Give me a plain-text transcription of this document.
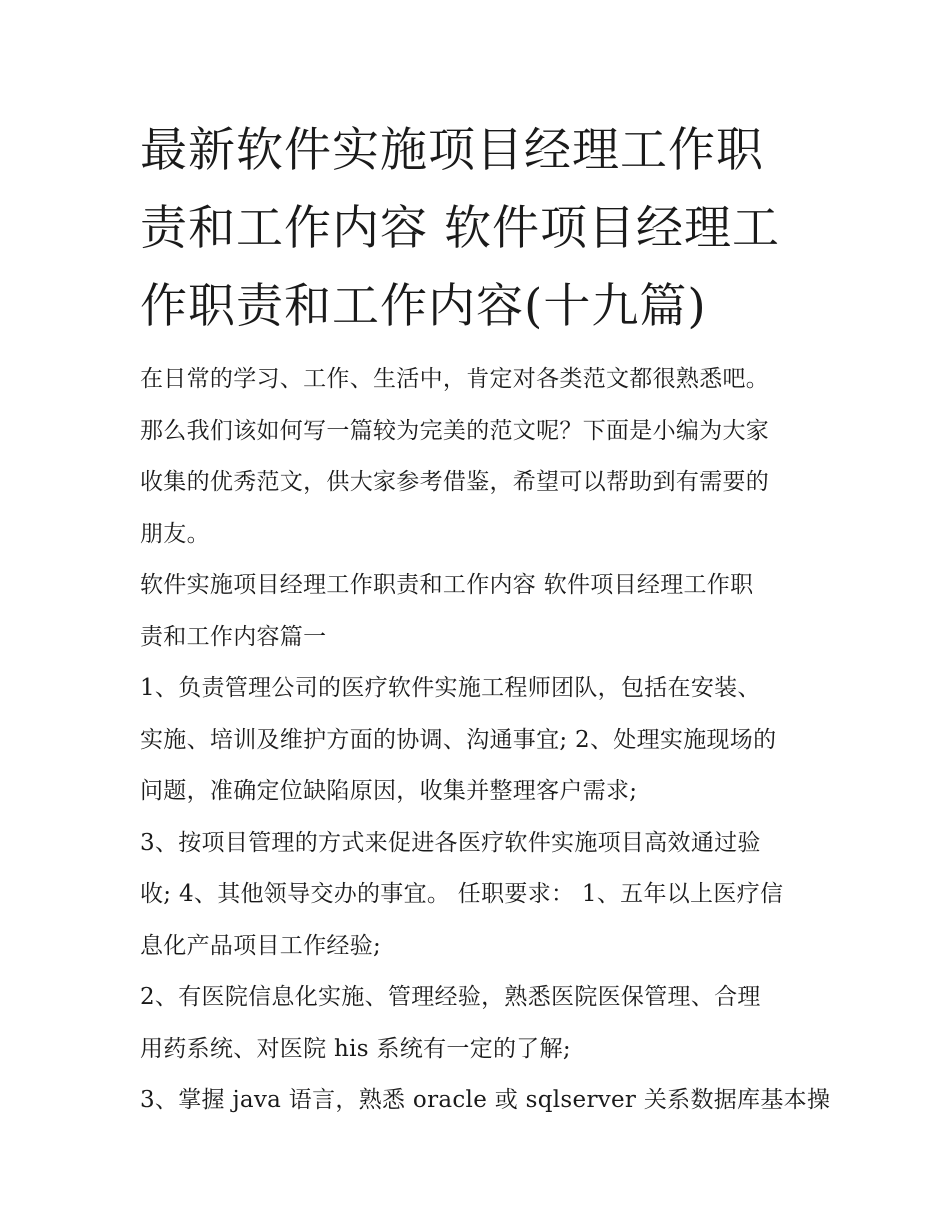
最新软件实施项目经理工作职
责和工作内容 软件项目经理工
作职责和工作内容(十九篇)

在日常的学习、工作、生活中，肯定对各类范文都很熟悉吧。
那么我们该如何写一篇较为完美的范文呢？下面是小编为大家
收集的优秀范文，供大家参考借鉴，希望可以帮助到有需要的
朋友。

软件实施项目经理工作职责和工作内容 软件项目经理工作职
责和工作内容篇一

1、负责管理公司的医疗软件实施工程师团队，包括在安装、
实施、培训及维护方面的协调、沟通事宜; 2、处理实施现场的
问题，准确定位缺陷原因，收集并整理客户需求;

3、按项目管理的方式来促进各医疗软件实施项目高效通过验
收; 4、其他领导交办的事宜。 任职要求： 1、五年以上医疗信
息化产品项目工作经验;

2、有医院信息化实施、管理经验，熟悉医院医保管理、合理
用药系统、对医院 his 系统有一定的了解;

3、掌握 java 语言，熟悉 oracle 或 sqlserver 关系数据库基本操
